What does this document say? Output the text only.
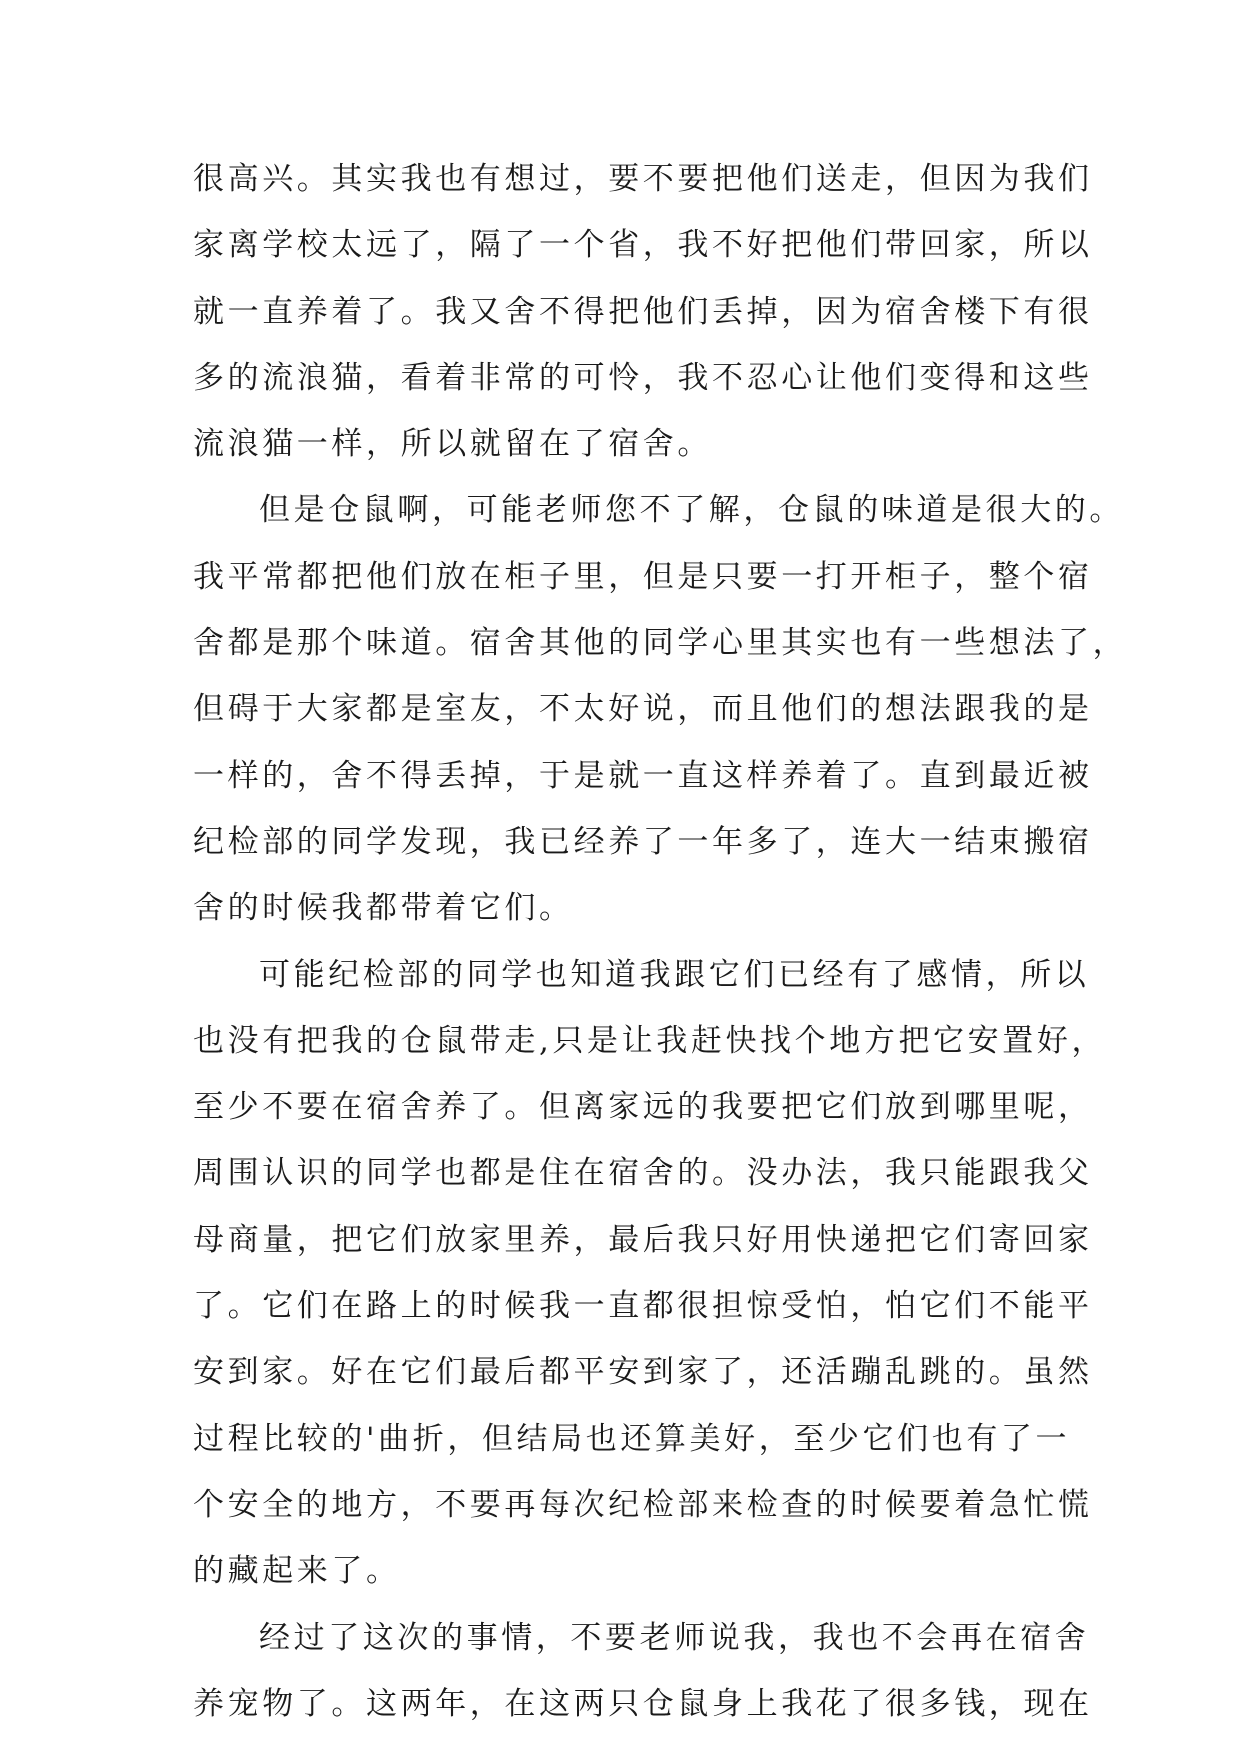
很高兴。其实我也有想过，要不要把他们送走，但因为我们
家离学校太远了，隔了一个省，我不好把他们带回家，所以
就一直养着了。我又舍不得把他们丢掉，因为宿舍楼下有很
多的流浪猫，看着非常的可怜，我不忍心让他们变得和这些
流浪猫一样，所以就留在了宿舍。
但是仓鼠啊，可能老师您不了解，仓鼠的味道是很大的。
我平常都把他们放在柜子里，但是只要一打开柜子，整个宿
舍都是那个味道。宿舍其他的同学心里其实也有一些想法了，
但碍于大家都是室友，不太好说，而且他们的想法跟我的是
一样的，舍不得丢掉，于是就一直这样养着了。直到最近被
纪检部的同学发现，我已经养了一年多了，连大一结束搬宿
舍的时候我都带着它们。
可能纪检部的同学也知道我跟它们已经有了感情，所以
也没有把我的仓鼠带走,只是让我赶快找个地方把它安置好，
至少不要在宿舍养了。但离家远的我要把它们放到哪里呢，
周围认识的同学也都是住在宿舍的。没办法，我只能跟我父
母商量，把它们放家里养，最后我只好用快递把它们寄回家
了。它们在路上的时候我一直都很担惊受怕，怕它们不能平
安到家。好在它们最后都平安到家了，还活蹦乱跳的。虽然
过程比较的'曲折，但结局也还算美好，至少它们也有了一
个安全的地方，不要再每次纪检部来检查的时候要着急忙慌
的藏起来了。
经过了这次的事情，不要老师说我，我也不会再在宿舍
养宠物了。这两年，在这两只仓鼠身上我花了很多钱，现在
